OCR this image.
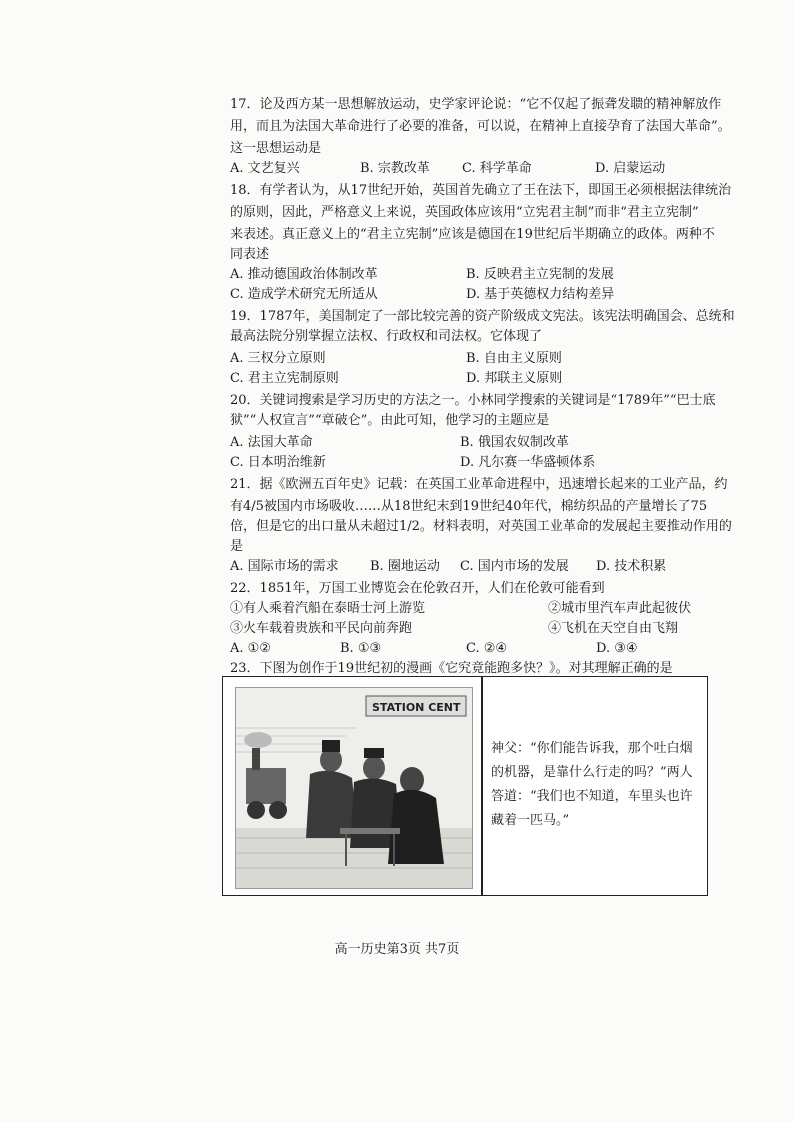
17．论及西方某一思想解放运动，史学家评论说：“它不仅起了振聋发聩的精神解放作
用，而且为法国大革命进行了必要的准备，可以说，在精神上直接孕育了法国大革命”。
这一思想运动是
A. 文艺复兴	B. 宗教改革 C. 科学革命	D. 启蒙运动
18．有学者认为，从17世纪开始，英国首先确立了王在法下，即国王必须根据法律统治
的原则，因此，严格意义上来说，英国政体应该用“立宪君主制”而非“君主立宪制”
来表述。真正意义上的“君主立宪制”应该是德国在19世纪后半期确立的政体。两种不
同表述
A. 推动德国政治体制改革	B. 反映君主立宪制的发展
C. 造成学术研究无所适从	D. 基于英德权力结构差异
19．1787年，美国制定了一部比较完善的资产阶级成文宪法。该宪法明确国会、总统和
最高法院分别掌握立法权、行政权和司法权。它体现了
A. 三权分立原则	B. 自由主义原则
C. 君主立宪制原则	D. 邦联主义原则
20．关键词搜索是学习历史的方法之一。小林同学搜索的关键词是“1789年”“巴士底
狱”“人权宣言”“章破仑”。由此可知，他学习的主题应是
A. 法国大革命	B. 俄国农奴制改革
C. 日本明治维新	D. 凡尔赛一华盛顿体系
21．据《欧洲五百年史》记载：在英国工业革命进程中，迅速增长起来的工业产品，约
有4/5被国内市场吸收……从18世纪末到19世纪40年代，棉纺织品的产量增长了75
倍，但是它的出口量从未超过1/2。材料表明，对英国工业革命的发展起主要推动作用的
是
A. 国际市场的需求 B. 圈地运动 C. 国内市场的发展 D. 技术积累
22．1851年，万国工业博览会在伦敦召开，人们在伦敦可能看到
①有人乘着汽船在泰晤士河上游览	②城市里汽车声此起彼伏
③火车载着贵族和平民向前奔跑	④飞机在天空自由飞翔
A. ①②	B. ①③	C. ②④	D. ③④
23．下图为创作于19世纪初的漫画《它究竟能跑多快？》。对其理解正确的是
STATION CENT
神父：“你们能告诉我，那个吐白烟的机器，是靠什么行走的吗？”两人答道：“我们也不知道，车里头也许藏着一匹马。”
高一历史第3页 共7页
